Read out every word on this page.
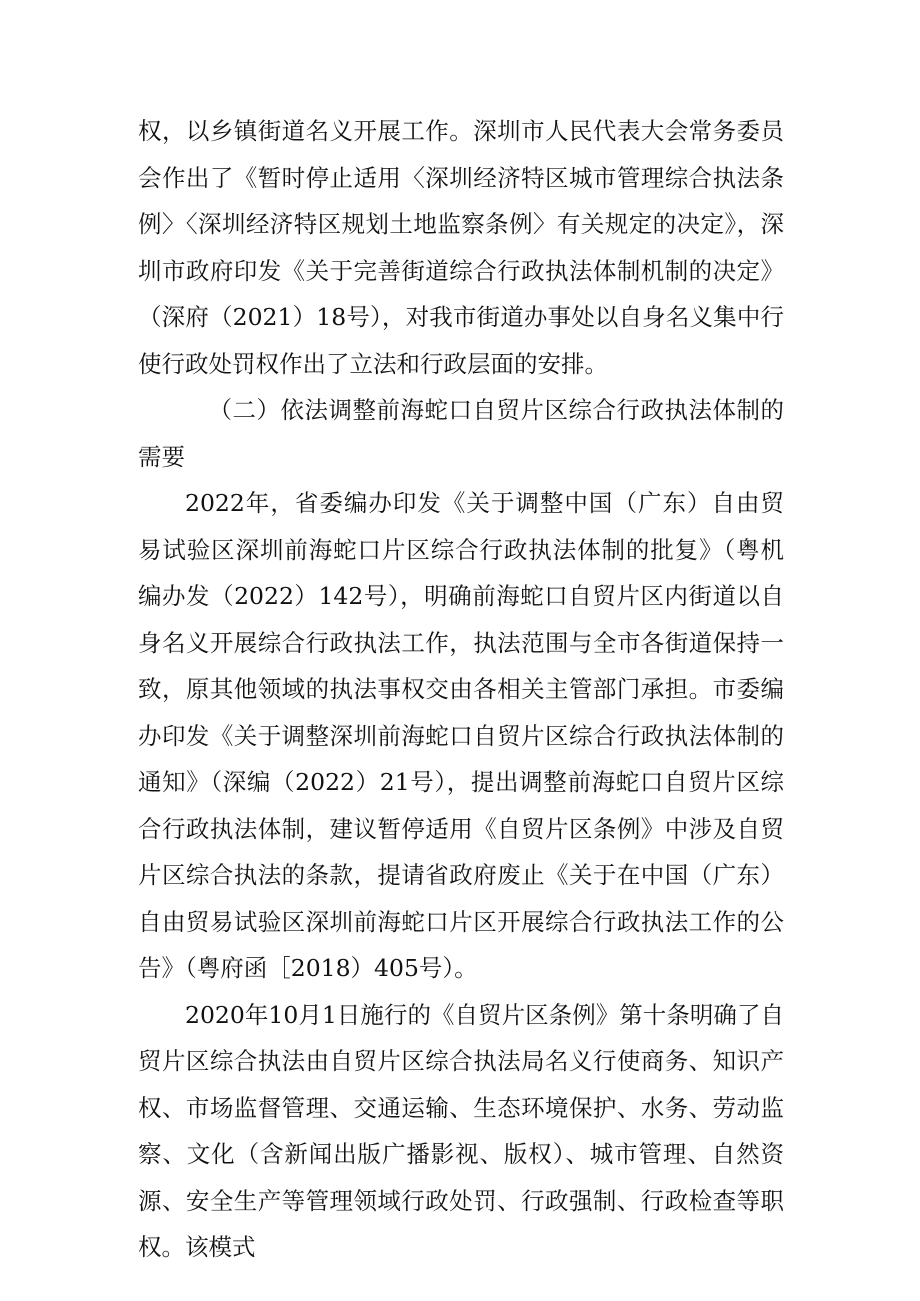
权，以乡镇街道名义开展工作。深圳市人民代表大会常务委员会作出了《暂时停止适用〈深圳经济特区城市管理综合执法条例〉〈深圳经济特区规划土地监察条例〉有关规定的决定》，深圳市政府印发《关于完善街道综合行政执法体制机制的决定》（深府（2021）18号），对我市街道办事处以自身名义集中行使行政处罚权作出了立法和行政层面的安排。

（二）依法调整前海蛇口自贸片区综合行政执法体制的需要

2022年，省委编办印发《关于调整中国（广东）自由贸易试验区深圳前海蛇口片区综合行政执法体制的批复》（粤机编办发（2022）142号），明确前海蛇口自贸片区内街道以自身名义开展综合行政执法工作，执法范围与全市各街道保持一致，原其他领域的执法事权交由各相关主管部门承担。市委编办印发《关于调整深圳前海蛇口自贸片区综合行政执法体制的通知》（深编（2022）21号），提出调整前海蛇口自贸片区综合行政执法体制，建议暂停适用《自贸片区条例》中涉及自贸片区综合执法的条款，提请省政府废止《关于在中国（广东）自由贸易试验区深圳前海蛇口片区开展综合行政执法工作的公告》（粤府函［2018）405号）。

2020年10月1日施行的《自贸片区条例》第十条明确了自贸片区综合执法由自贸片区综合执法局名义行使商务、知识产权、市场监督管理、交通运输、生态环境保护、水务、劳动监察、文化（含新闻出版广播影视、版权）、城市管理、自然资源、安全生产等管理领域行政处罚、行政强制、行政检查等职权。该模式
